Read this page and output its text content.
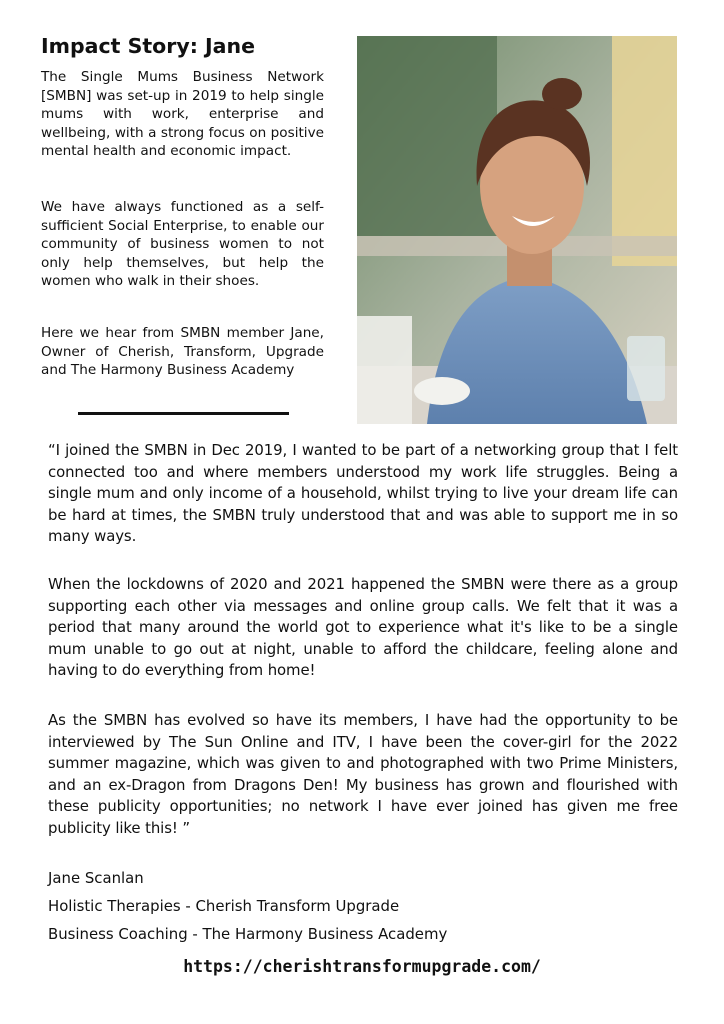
Impact Story: Jane

The Single Mums Business Network [SMBN] was set-up in 2019 to help single mums with work, enterprise and wellbeing, with a strong focus on positive mental health and economic impact.

We have always functioned as a self-sufficient Social Enterprise, to enable our community of business women to not only help themselves, but help the women who walk in their shoes.

Here we hear from SMBN member Jane, Owner of Cherish, Transform, Upgrade and The Harmony Business Academy

“I joined the SMBN in Dec 2019, I wanted to be part of a networking group that I felt connected too and where members understood my work life struggles. Being a single mum and only income of a household, whilst trying to live your dream life can be hard at times, the SMBN truly understood that and was able to support me in so many ways.

When the lockdowns of 2020 and 2021 happened the SMBN were there as a group supporting each other via messages and online group calls. We felt that it was a period that many around the world got to experience what it's like to be a single mum unable to go out at night, unable to afford the childcare, feeling alone and having to do everything from home!

As the SMBN has evolved so have its members, I have had the opportunity to be interviewed by The Sun Online and ITV, I have been the cover-girl for the 2022 summer magazine, which was given to and photographed with two Prime Ministers, and an ex-Dragon from Dragons Den! My business has grown and flourished with these publicity opportunities; no network I have ever joined has given me free publicity like this! ”

Jane Scanlan

Holistic Therapies - Cherish Transform Upgrade

Business Coaching - The Harmony Business Academy

https://cherishtransformupgrade.com/
